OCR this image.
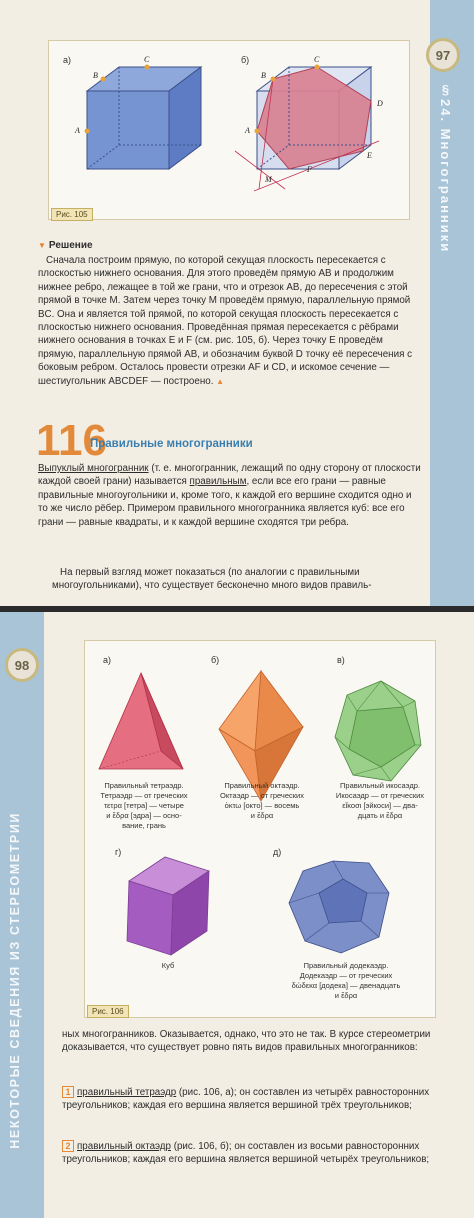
§24. Многогранники
97
а)	б)
B
C
A
B
C
D
E
F
A
M
Рис. 105
▼ Решение
Сначала построим прямую, по которой секущая плоскость пересекается с плоскостью нижнего основания. Для этого проведём прямую AB и продолжим нижнее ребро, лежащее в той же грани, что и отрезок AB, до пересечения с этой прямой в точке M. Затем через точку M проведём прямую, параллельную прямой BC. Она и является той прямой, по которой секущая плоскость пересекается с плоскостью нижнего основания. Проведённая прямая пересекается с рёбрами нижнего основания в точках E и F (см. рис. 105, б). Через точку E проведём прямую, параллельную прямой AB, и обозначим буквой D точку её пересечения с боковым ребром. Осталось провести отрезки AF и CD, и искомое сечение — шестиугольник ABCDEF — построено. ▲
116
Правильные многогранники
Выпуклый многогранник (т. е. многогранник, лежащий по одну сторону от плоскости каждой своей грани) называется правильным, если все его грани — равные правильные многоугольники и, кроме того, к каждой его вершине сходится одно и то же число рёбер. Примером правильного многогранника является куб: все его грани — равные квадраты, и к каждой вершине сходятся три ребра.
На первый взгляд может показаться (по аналогии с правильными многоугольниками), что существует бесконечно много видов правиль-
НЕКОТОРЫЕ СВЕДЕНИЯ ИЗ СТЕРЕОМЕТРИИ
98	а)	б)	в)
г)	д)
Правильный тетраэдр.
Тетраэдр — от греческих
τετρα [тетра] — четыре
и ἕδρα [эдра] — осно-
вание, грань
Правильный октаэдр.
Октаэдр — от греческих
ὀκτω [окто] — восемь
и ἕδρα
Правильный икосаэдр.
Икосаэдр — от греческих
εἴκοσι [эйкоси] — два-
дцать и ἕδρα
Куб	Правильный додекаэдр.
Додекаэдр — от греческих
δώδεκα [додека] — двенадцать
и ἕδρα
Рис. 106
ных многогранников. Оказывается, однако, что это не так. В курсе стереометрии доказывается, что существует ровно пять видов правильных многогранников:
1 правильный тетраэдр (рис. 106, а); он составлен из четырёх равносторонних треугольников; каждая его вершина является вершиной трёх треугольников;
2 правильный октаэдр (рис. 106, б); он составлен из восьми равносторонних треугольников; каждая его вершина является вершиной четырёх треугольников;
